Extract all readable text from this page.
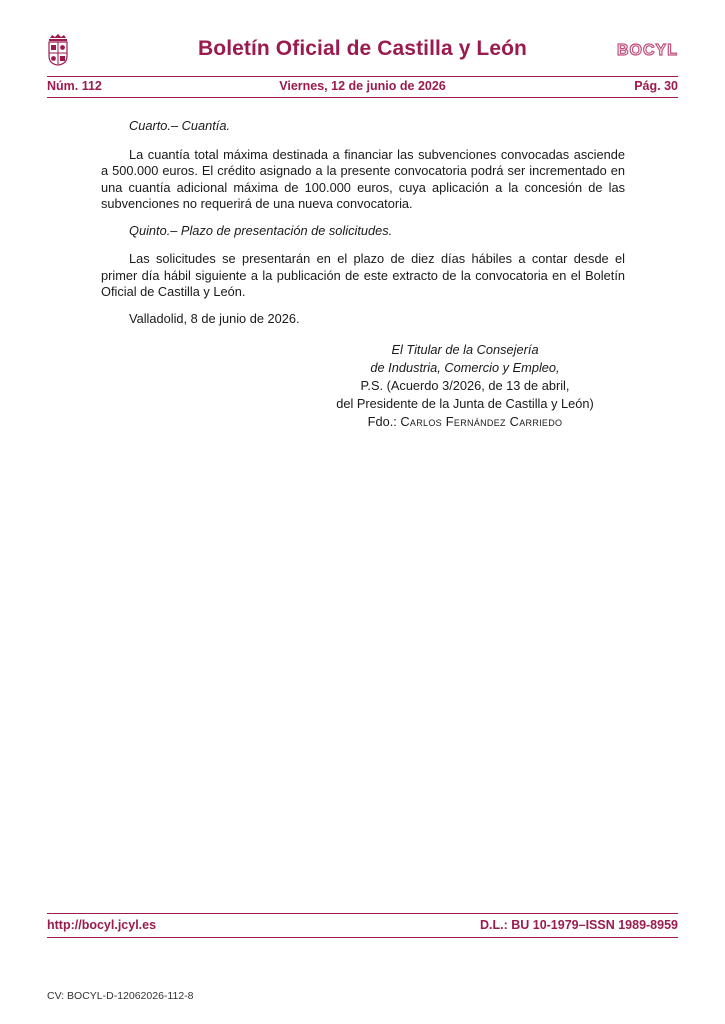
Boletín Oficial de Castilla y León	BOCYL
Núm. 112	Viernes, 12 de junio de 2026	Pág. 30

Cuarto.– Cuantía.

La cuantía total máxima destinada a financiar las subvenciones convocadas asciende a 500.000 euros. El crédito asignado a la presente convocatoria podrá ser incrementado en una cuantía adicional máxima de 100.000 euros, cuya aplicación a la concesión de las subvenciones no requerirá de una nueva convocatoria.

Quinto.– Plazo de presentación de solicitudes.

Las solicitudes se presentarán en el plazo de diez días hábiles a contar desde el primer día hábil siguiente a la publicación de este extracto de la convocatoria en el Boletín Oficial de Castilla y León.

Valladolid, 8 de junio de 2026.

El Titular de la Consejería
de Industria, Comercio y Empleo,
P.S. (Acuerdo 3/2026, de 13 de abril,
del Presidente de la Junta de Castilla y León)
Fdo.: Carlos Fernández Carriedo
http://bocyl.jcyl.es	D.L.: BU 10-1979–ISSN 1989-8959
CV: BOCYL-D-12062026-112-8
